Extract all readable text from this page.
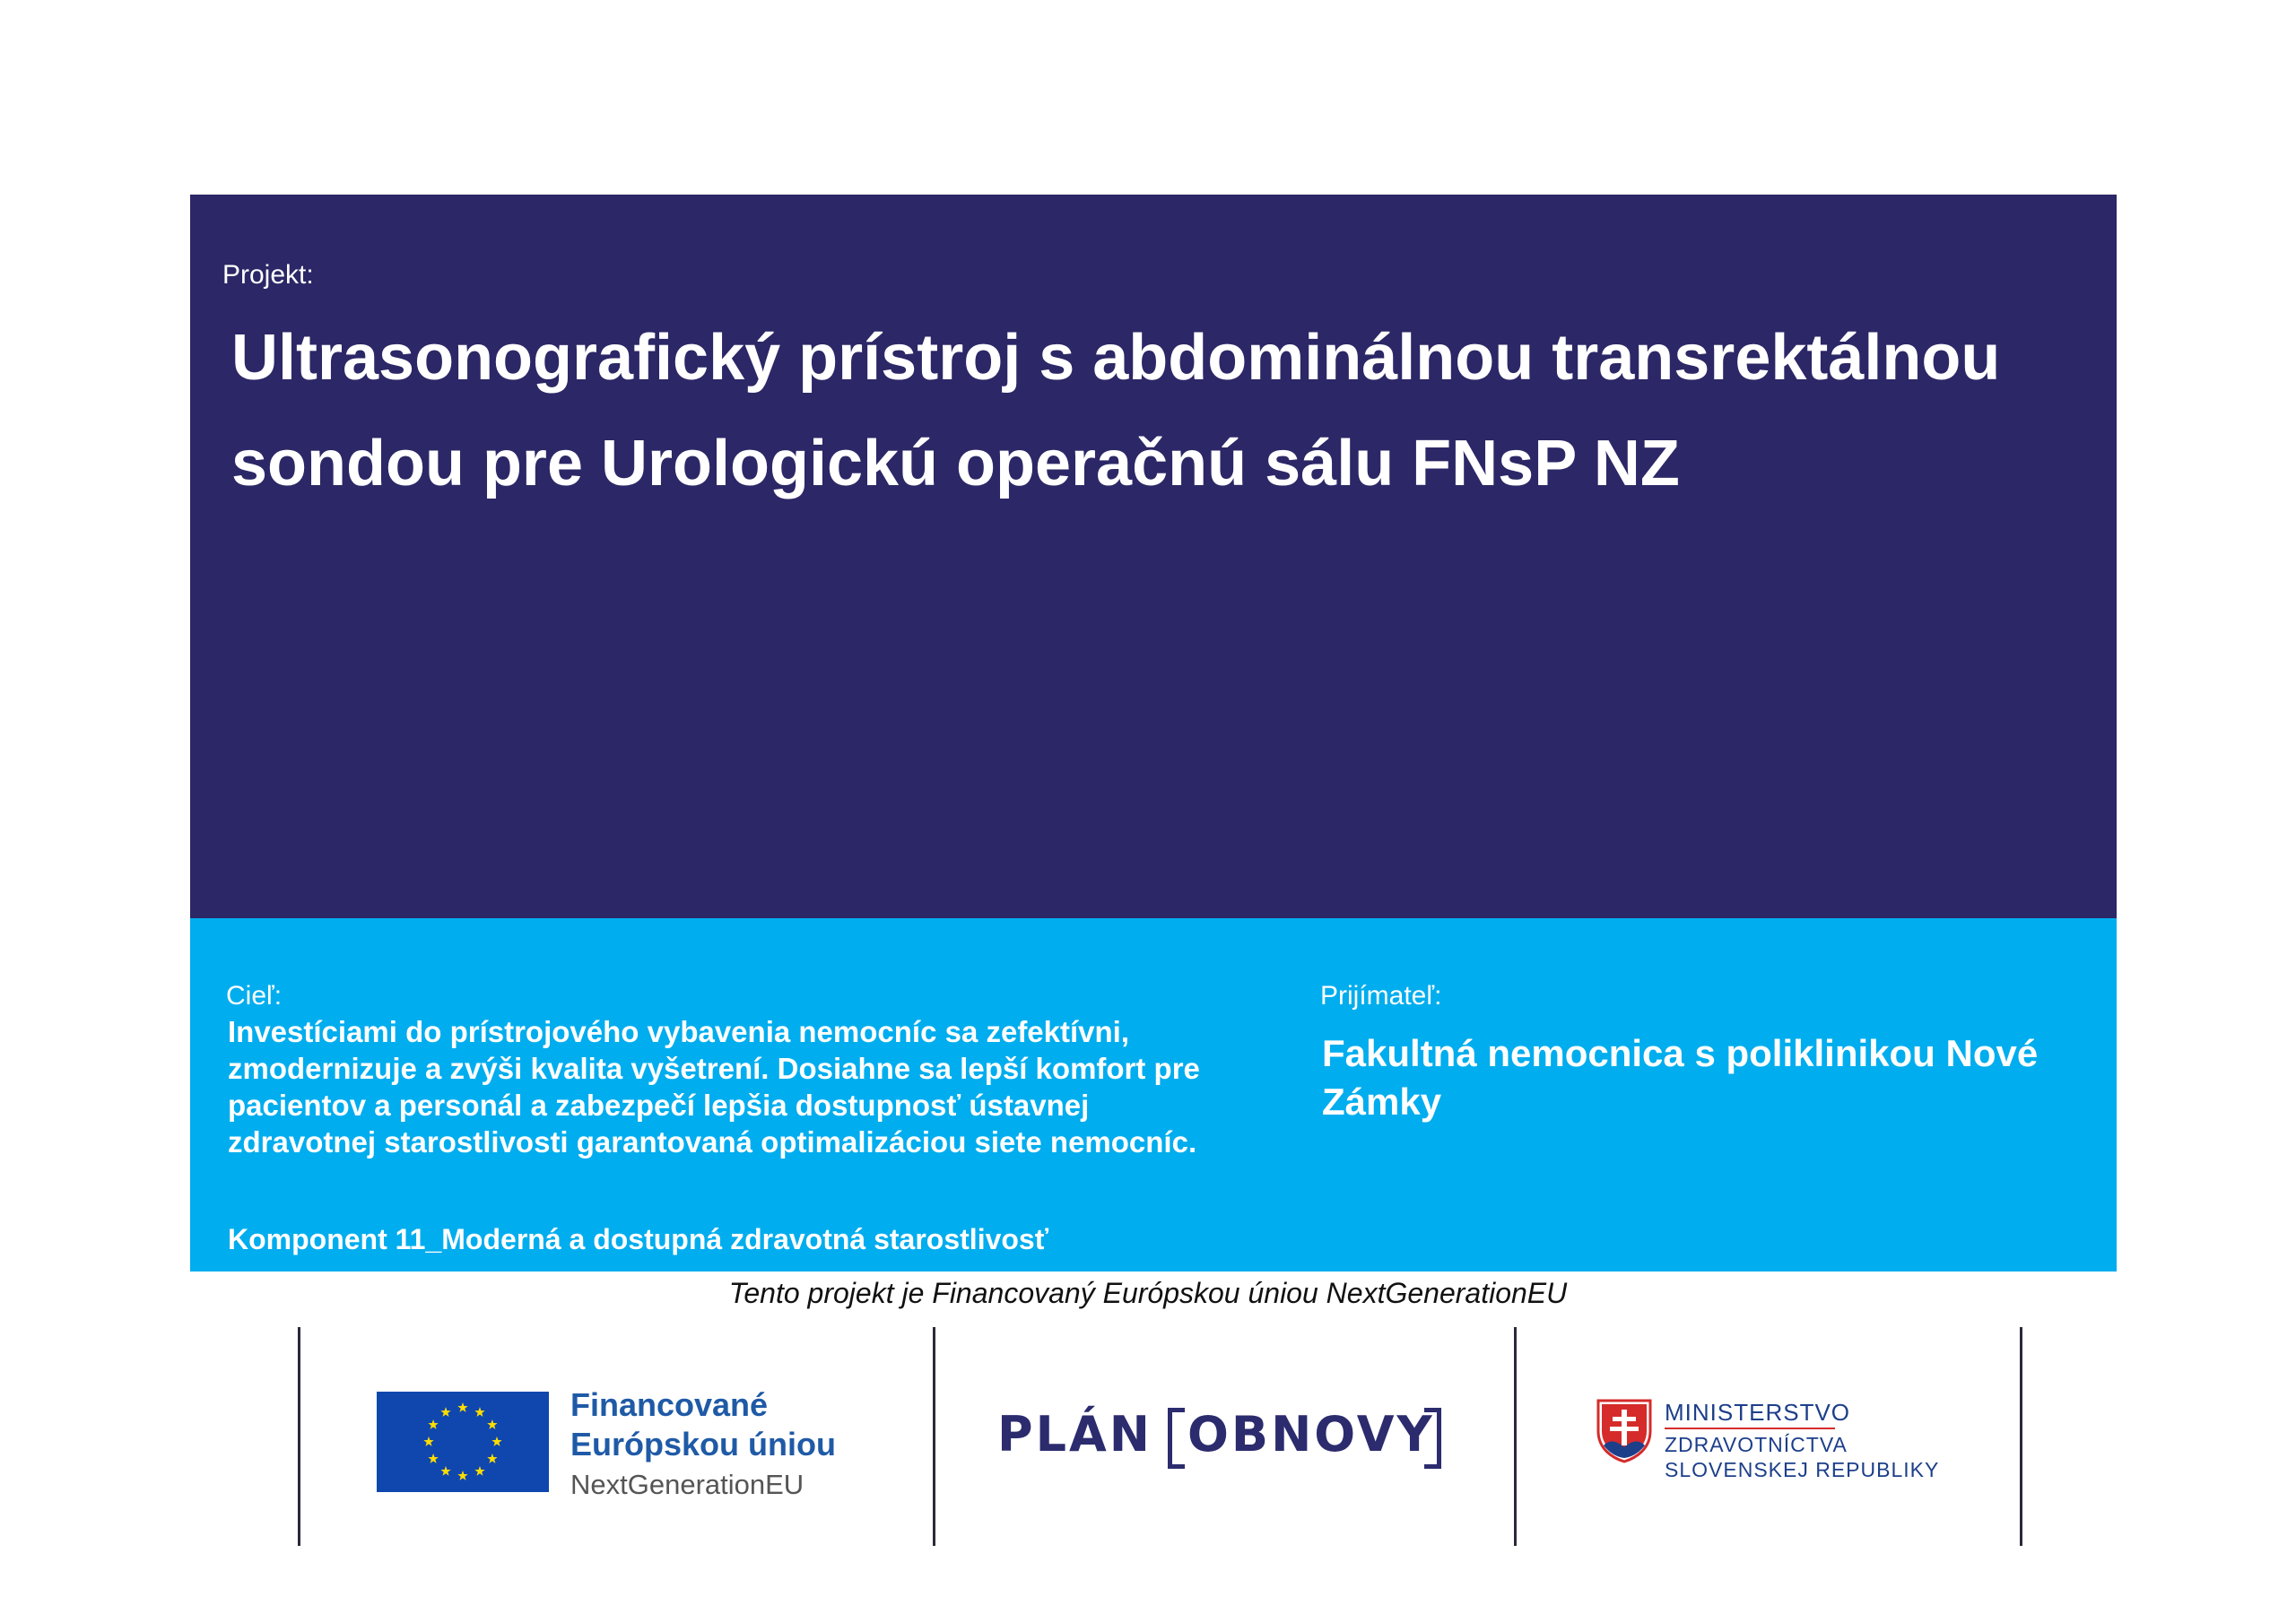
Projekt:
Ultrasonografický prístroj s abdominálnou transrektálnou sondou pre Urologickú operačnú sálu FNsP NZ
Cieľ:

Investíciami do prístrojového vybavenia nemocníc sa zefektívni, zmodernizuje a zvýši kvalita vyšetrení. Dosiahne sa lepší komfort pre pacientov a personál a zabezpečí lepšia dostupnosť ústavnej zdravotnej starostlivosti garantovaná optimalizáciou siete nemocníc.

Komponent 11_Moderná a dostupná zdravotná starostlivosť
Prijímateľ:

Fakultná nemocnica s poliklinikou Nové Zámky

Tento projekt je Financovaný Európskou úniou NextGenerationEU
Financované
Európskou úniou
NextGenerationEU
PLÁN OBNOVY	MINISTERSTVO
ZDRAVOTNÍCTVA
SLOVENSKEJ REPUBLIKY
